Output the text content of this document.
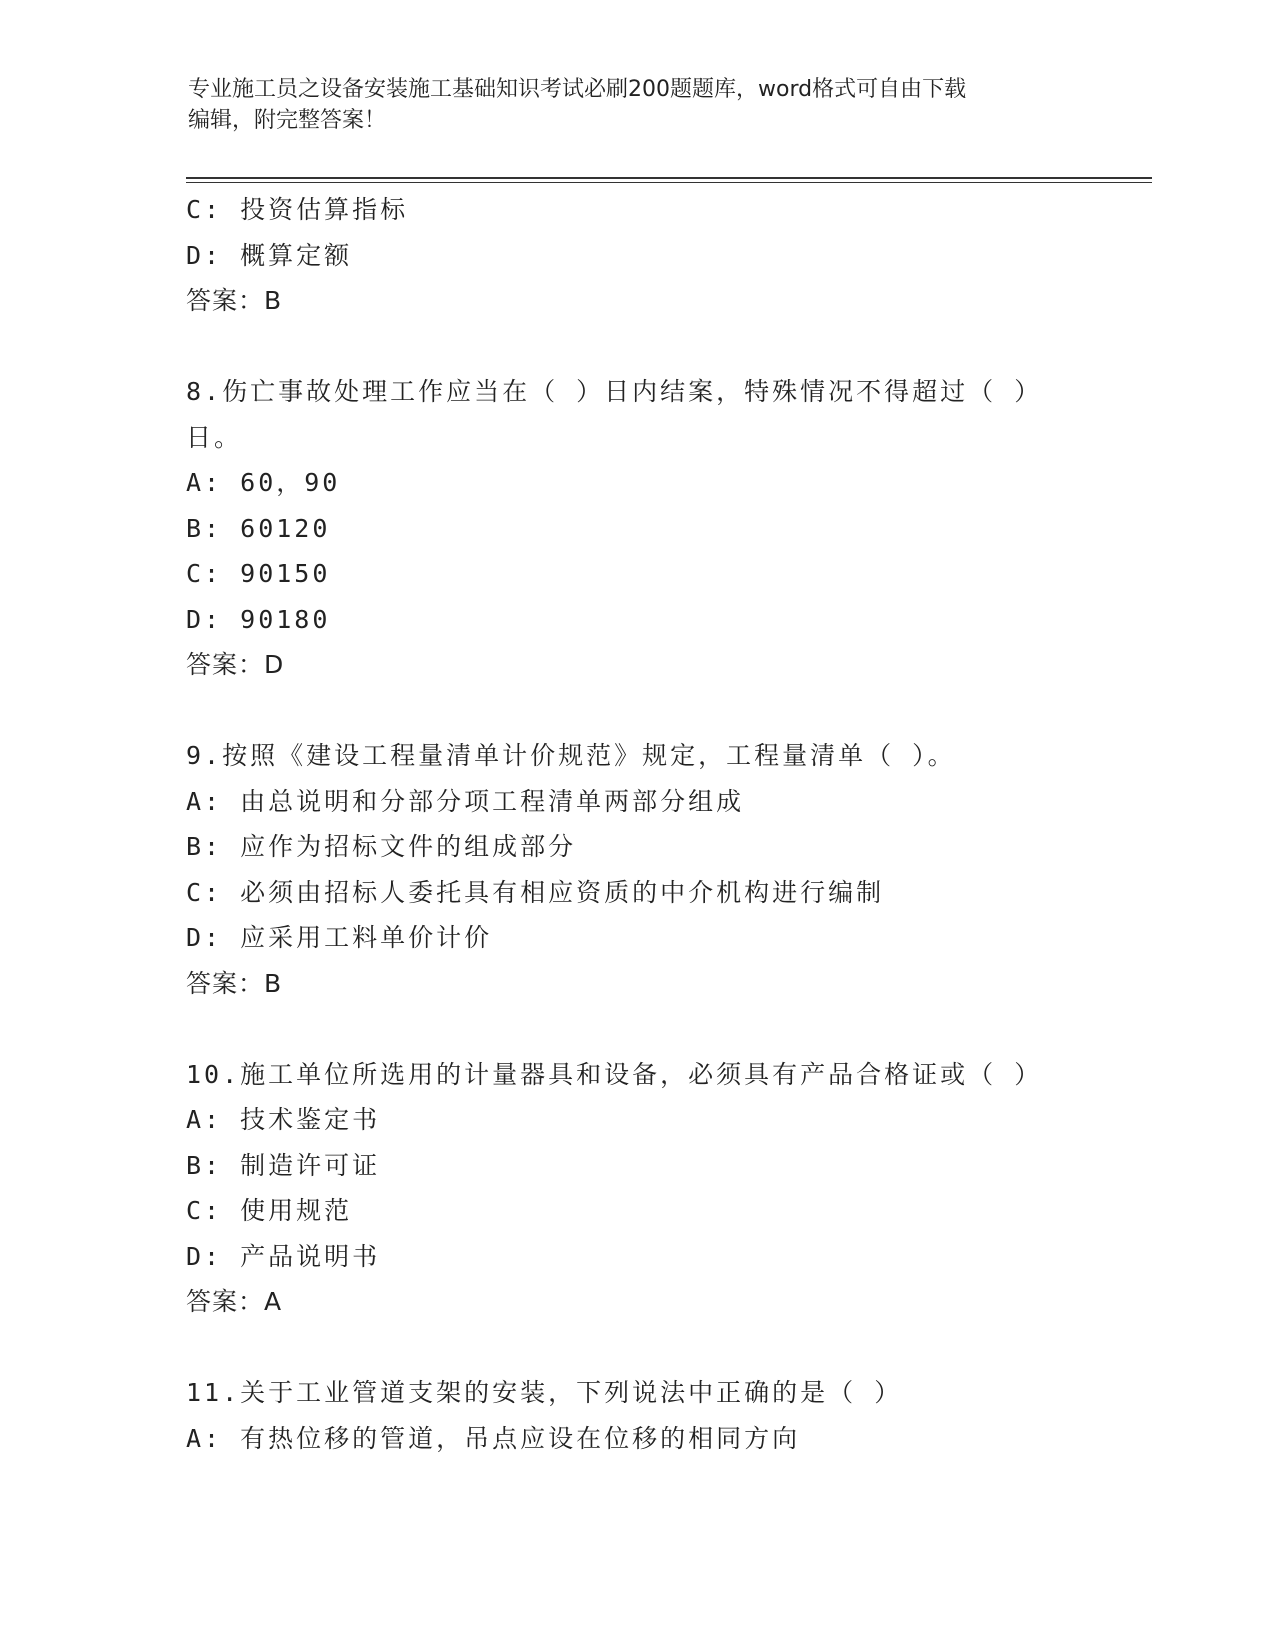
专业施工员之设备安装施工基础知识考试必刷200题题库，word格式可自由下载
编辑，附完整答案！
C: 投资估算指标
D: 概算定额
答案：B
8.伤亡事故处理工作应当在（ ）日内结案，特殊情况不得超过（ ）
日。
A: 60，90
B: 60120
C: 90150
D: 90180
答案：D
9.按照《建设工程量清单计价规范》规定，工程量清单（ ）。
A: 由总说明和分部分项工程清单两部分组成
B: 应作为招标文件的组成部分
C: 必须由招标人委托具有相应资质的中介机构进行编制
D: 应采用工料单价计价
答案：B
10.施工单位所选用的计量器具和设备，必须具有产品合格证或（ ）
A: 技术鉴定书
B: 制造许可证
C: 使用规范
D: 产品说明书
答案：A
11.关于工业管道支架的安装，下列说法中正确的是（ ）
A: 有热位移的管道，吊点应设在位移的相同方向
